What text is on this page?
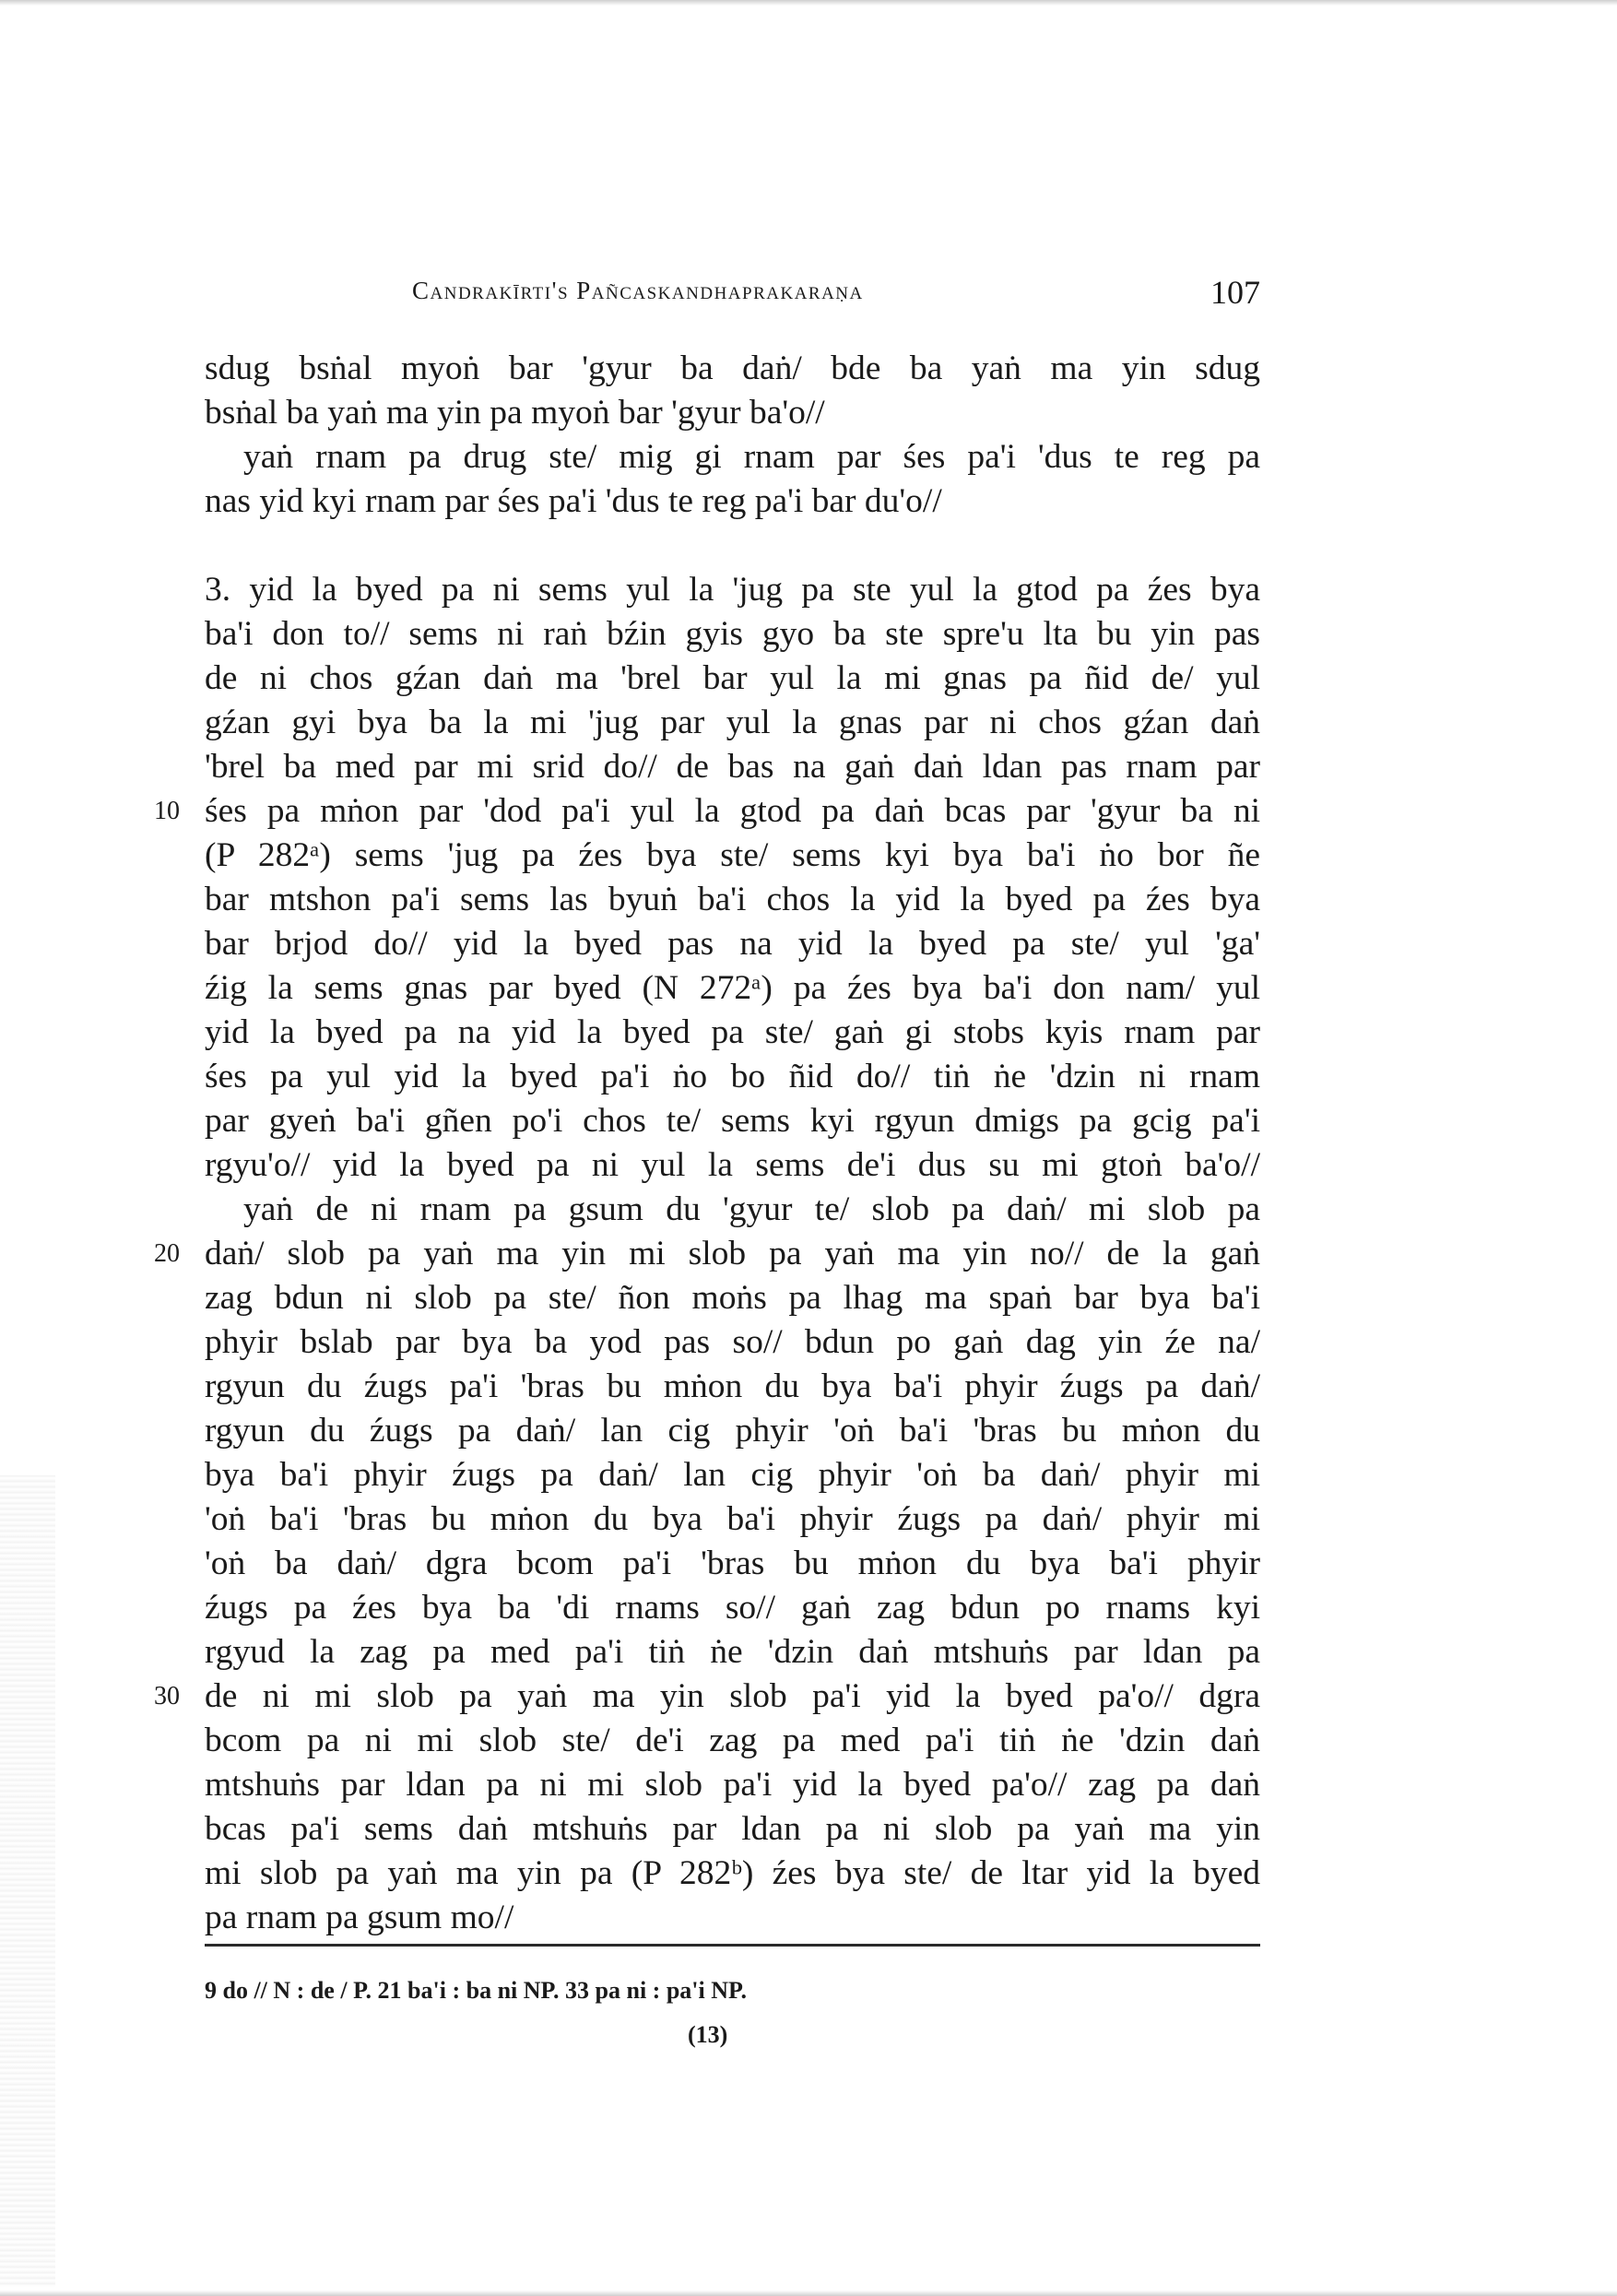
Candrakīrti's Pañcaskandhaprakaraṇa	107
sdug bsṅal myoṅ bar 'gyur ba daṅ/ bde ba yaṅ ma yin sdug
bsṅal ba yaṅ ma yin pa myoṅ bar 'gyur ba'o//
yaṅ rnam pa drug ste/ mig gi rnam par śes pa'i 'dus te reg pa
nas yid kyi rnam par śes pa'i 'dus te reg pa'i bar du'o//
3. yid la byed pa ni sems yul la 'jug pa ste yul la gtod pa źes bya
ba'i don to// sems ni raṅ bźin gyis gyo ba ste spre'u lta bu yin pas
de ni chos gźan daṅ ma 'brel bar yul la mi gnas pa ñid de/ yul
gźan gyi bya ba la mi 'jug par yul la gnas par ni chos gźan daṅ
'brel ba med par mi srid do// de bas na gaṅ daṅ ldan pas rnam par
10 śes pa mṅon par 'dod pa'i yul la gtod pa daṅ bcas par 'gyur ba ni
(P 282ᵃ) sems 'jug pa źes bya ste/ sems kyi bya ba'i ṅo bor ñe
bar mtshon pa'i sems las byuṅ ba'i chos la yid la byed pa źes bya
bar brjod do// yid la byed pas na yid la byed pa ste/ yul 'ga'
źig la sems gnas par byed (N 272ᵃ) pa źes bya ba'i don nam/ yul
yid la byed pa na yid la byed pa ste/ gaṅ gi stobs kyis rnam par
śes pa yul yid la byed pa'i ṅo bo ñid do// tiṅ ṅe 'dzin ni rnam
par gyeṅ ba'i gñen po'i chos te/ sems kyi rgyun dmigs pa gcig pa'i
rgyu'o// yid la byed pa ni yul la sems de'i dus su mi gtoṅ ba'o//
yaṅ de ni rnam pa gsum du 'gyur te/ slob pa daṅ/ mi slob pa
20 daṅ/ slob pa yaṅ ma yin mi slob pa yaṅ ma yin no// de la gaṅ
zag bdun ni slob pa ste/ ñon moṅs pa lhag ma spaṅ bar bya ba'i
phyir bslab par bya ba yod pas so// bdun po gaṅ dag yin źe na/
rgyun du źugs pa'i 'bras bu mṅon du bya ba'i phyir źugs pa daṅ/
rgyun du źugs pa daṅ/ lan cig phyir 'oṅ ba'i 'bras bu mṅon du
bya ba'i phyir źugs pa daṅ/ lan cig phyir 'oṅ ba daṅ/ phyir mi
'oṅ ba'i 'bras bu mṅon du bya ba'i phyir źugs pa daṅ/ phyir mi
'oṅ ba daṅ/ dgra bcom pa'i 'bras bu mṅon du bya ba'i phyir
źugs pa źes bya ba 'di rnams so// gaṅ zag bdun po rnams kyi
rgyud la zag pa med pa'i tiṅ ṅe 'dzin daṅ mtshuṅs par ldan pa
30 de ni mi slob pa yaṅ ma yin slob pa'i yid la byed pa'o// dgra
bcom pa ni mi slob ste/ de'i zag pa med pa'i tiṅ ṅe 'dzin daṅ
mtshuṅs par ldan pa ni mi slob pa'i yid la byed pa'o// zag pa daṅ
bcas pa'i sems daṅ mtshuṅs par ldan pa ni slob pa yaṅ ma yin
mi slob pa yaṅ ma yin pa (P 282ᵇ) źes bya ste/ de ltar yid la byed
pa rnam pa gsum mo//
9 do // N : de / P. 21 ba'i : ba ni NP. 33 pa ni : pa'i NP.
(13)
